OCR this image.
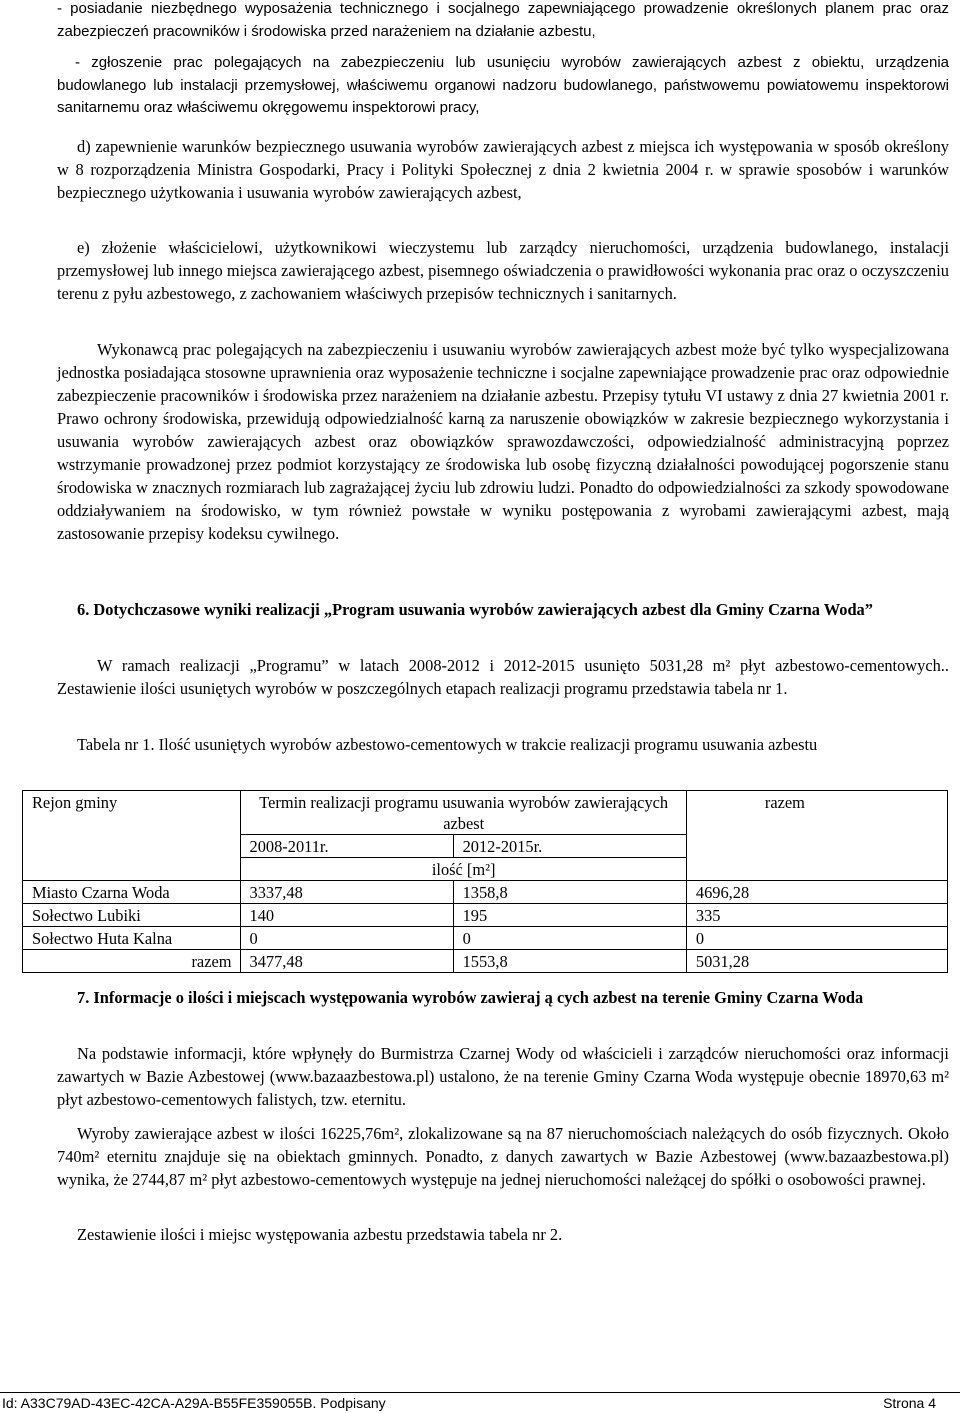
- posiadanie niezbędnego wyposażenia technicznego i socjalnego zapewniającego prowadzenie określonych planem prac oraz zabezpieczeń pracowników i środowiska przed narażeniem na działanie azbestu,

- zgłoszenie prac polegających na zabezpieczeniu lub usunięciu wyrobów zawierających azbest z obiektu, urządzenia budowlanego lub instalacji przemysłowej, właściwemu organowi nadzoru budowlanego, państwowemu powiatowemu inspektorowi sanitarnemu oraz właściwemu okręgowemu inspektorowi pracy,

d) zapewnienie warunków bezpiecznego usuwania wyrobów zawierających azbest z miejsca ich występowania w sposób określony w 8 rozporządzenia Ministra Gospodarki, Pracy i Polityki Społecznej z dnia 2 kwietnia 2004 r. w sprawie sposobów i warunków bezpiecznego użytkowania i usuwania wyrobów zawierających azbest,

e) złożenie właścicielowi, użytkownikowi wieczystemu lub zarządcy nieruchomości, urządzenia budowlanego, instalacji przemysłowej lub innego miejsca zawierającego azbest, pisemnego oświadczenia o prawidłowości wykonania prac oraz o oczyszczeniu terenu z pyłu azbestowego, z zachowaniem właściwych przepisów technicznych i sanitarnych.

Wykonawcą prac polegających na zabezpieczeniu i usuwaniu wyrobów zawierających azbest może być tylko wyspecjalizowana jednostka posiadająca stosowne uprawnienia oraz wyposażenie techniczne i socjalne zapewniające prowadzenie prac oraz odpowiednie zabezpieczenie pracowników i środowiska przez narażeniem na działanie azbestu. Przepisy tytułu VI ustawy z dnia 27 kwietnia 2001 r. Prawo ochrony środowiska, przewidują odpowiedzialność karną za naruszenie obowiązków w zakresie bezpiecznego wykorzystania i usuwania wyrobów zawierających azbest oraz obowiązków sprawozdawczości, odpowiedzialność administracyjną poprzez wstrzymanie prowadzonej przez podmiot korzystający ze środowiska lub osobę fizyczną działalności powodującej pogorszenie stanu środowiska w znacznych rozmiarach lub zagrażającej życiu lub zdrowiu ludzi. Ponadto do odpowiedzialności za szkody spowodowane oddziaływaniem na środowisko, w tym również powstałe w wyniku postępowania z wyrobami zawierającymi azbest, mają zastosowanie przepisy kodeksu cywilnego.

6. Dotychczasowe wyniki realizacji „Program usuwania wyrobów zawierających azbest dla Gminy Czarna Woda”

W ramach realizacji „Programu” w latach 2008-2012 i 2012-2015 usunięto 5031,28 m² płyt azbestowo-cementowych.. Zestawienie ilości usuniętych wyrobów w poszczególnych etapach realizacji programu przedstawia tabela nr 1.

Tabela nr 1. Ilość usuniętych wyrobów azbestowo-cementowych w trakcie realizacji programu usuwania azbestu

Rejon gminy	Termin realizacji programu usuwania wyrobów zawierających azbest		razem
	2008-2011r.	2012-2015r.	
	ilość [m²]		
Miasto Czarna Woda	3337,48	1358,8	4696,28
Sołectwo Lubiki	140	195	335
Sołectwo Huta Kalna	0	0	0
razem	3477,48	1553,8	5031,28

7. Informacje o ilości i miejscach występowania wyrobów zawieraj ą cych azbest na terenie Gminy Czarna Woda

Na podstawie informacji, które wpłynęły do Burmistrza Czarnej Wody od właścicieli i zarządców nieruchomości oraz informacji zawartych w Bazie Azbestowej (www.bazaazbestowa.pl) ustalono, że na terenie Gminy Czarna Woda występuje obecnie 18970,63 m² płyt azbestowo-cementowych falistych, tzw. eternitu.

Wyroby zawierające azbest w ilości 16225,76m², zlokalizowane są na 87 nieruchomościach należących do osób fizycznych. Około 740m² eternitu znajduje się na obiektach gminnych. Ponadto, z danych zawartych w Bazie Azbestowej (www.bazaazbestowa.pl) wynika, że 2744,87 m² płyt azbestowo-cementowych występuje na jednej nieruchomości należącej do spółki o osobowości prawnej.

Zestawienie ilości i miejsc występowania azbestu przedstawia tabela nr 2.

Id: A33C79AD-43EC-42CA-A29A-B55FE359055B. Podpisany	Strona 4
